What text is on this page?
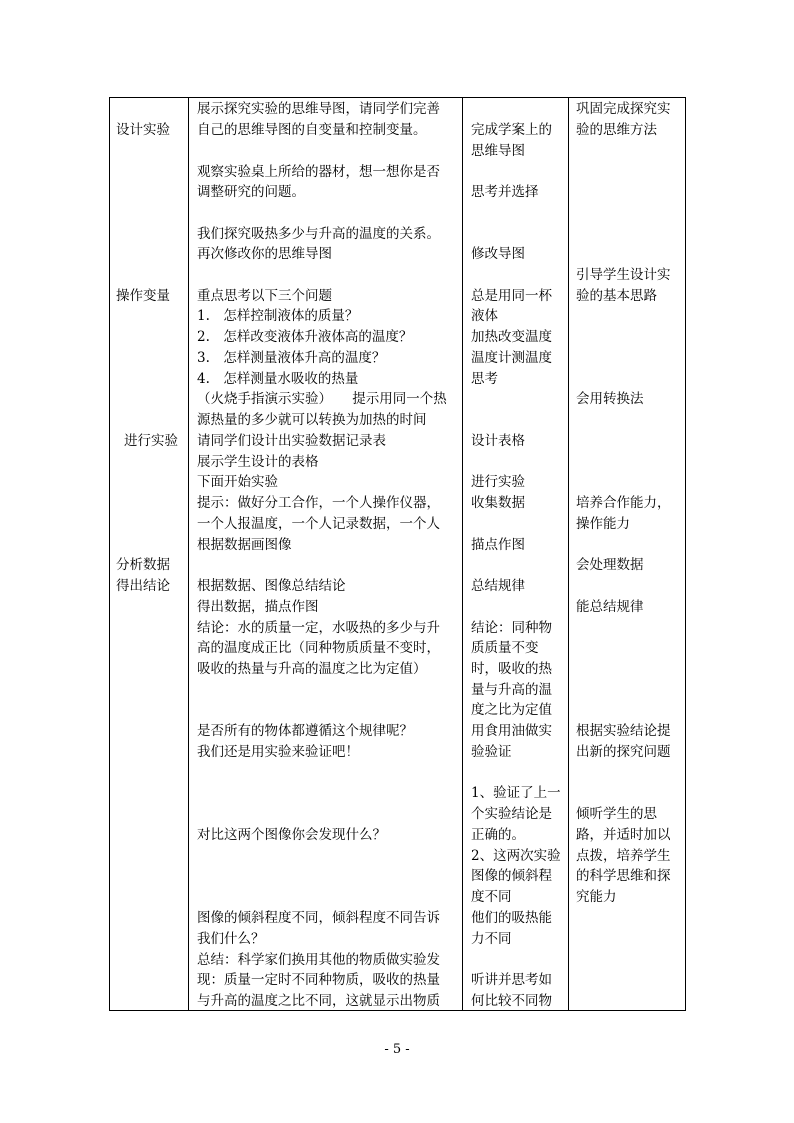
设计实验
操作变量
进行实验
分析数据
得出结论
展示探究实验的思维导图，请同学们完善
自己的思维导图的自变量和控制变量。
观察实验桌上所给的器材，想一想你是否
调整研究的问题。
我们探究吸热多少与升高的温度的关系。
再次修改你的思维导图
重点思考以下三个问题
1.　怎样控制液体的质量？
2.　怎样改变液体升液体高的温度？
3.　怎样测量液体升高的温度？
4.　怎样测量水吸收的热量
（火烧手指演示实验）　　提示用同一个热
源热量的多少就可以转换为加热的时间
请同学们设计出实验数据记录表
展示学生设计的表格
下面开始实验
提示：做好分工合作，一个人操作仪器，
一个人报温度，一个人记录数据，一个人
根据数据画图像
根据数据、图像总结结论
得出数据，描点作图
结论：水的质量一定，水吸热的多少与升
高的温度成正比（同种物质质量不变时，
吸收的热量与升高的温度之比为定值）
是否所有的物体都遵循这个规律呢？
我们还是用实验来验证吧！
对比这两个图像你会发现什么？
图像的倾斜程度不同，倾斜程度不同告诉
我们什么？
总结：科学家们换用其他的物质做实验发
现：质量一定时不同种物质，吸收的热量
与升高的温度之比不同，这就显示出物质
完成学案上的
思维导图
思考并选择
修改导图
总是用同一杯
液体
加热改变温度
温度计测温度
思考
设计表格
进行实验
收集数据
描点作图
总结规律
结论：同种物
质质量不变
时，吸收的热
量与升高的温
度之比为定值
用食用油做实
验验证
1、验证了上一
个实验结论是
正确的。
2、这两次实验
图像的倾斜程
度不同
他们的吸热能
力不同
听讲并思考如
何比较不同物
巩固完成探究实
验的思维方法
引导学生设计实
验的基本思路
会用转换法
培养合作能力，
操作能力
会处理数据
能总结规律
根据实验结论提
出新的探究问题
倾听学生的思
路，并适时加以
点拨，培养学生
的科学思维和探
究能力
- 5 -
